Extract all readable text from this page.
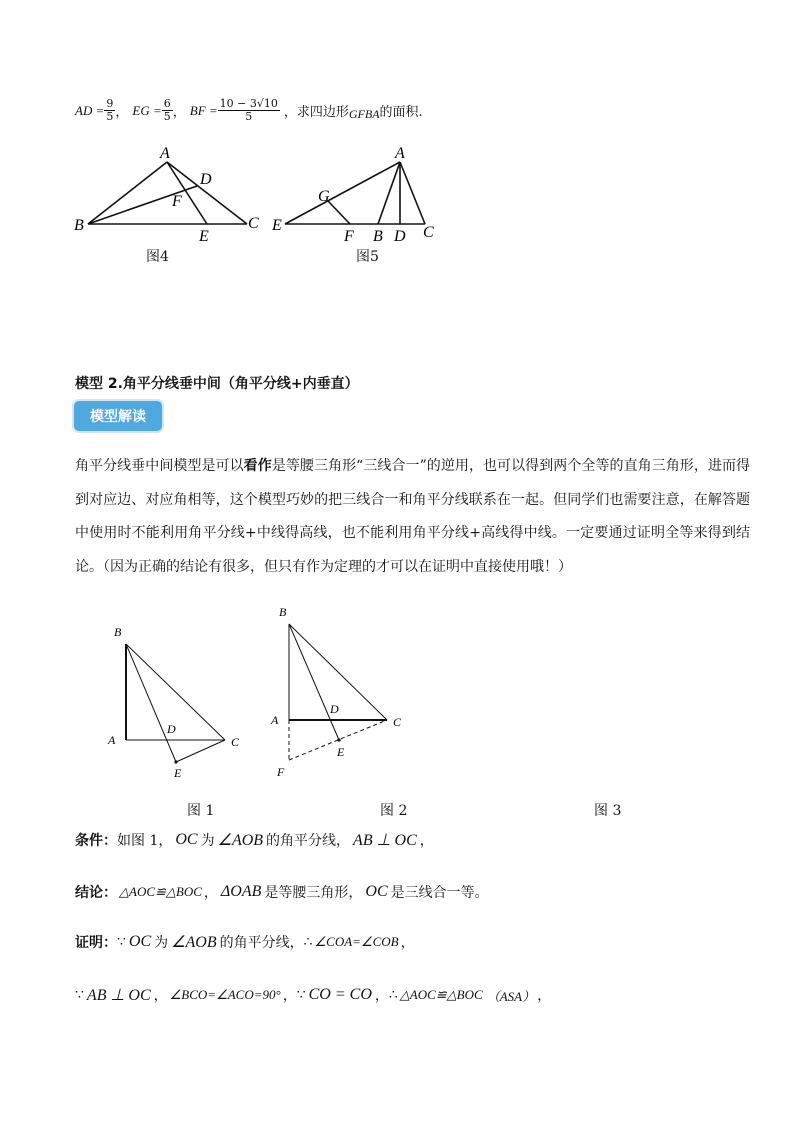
AD = $\frac{9}{5}$ ， EG = $\frac{6}{5}$ ， BF = $\frac{10 - 3√10}{5}$ ，求四边形 GFBA 的面积.
A
B	C
D
E
F
图4
A
B	C
D
E
F
G
图5
模型 2.角平分线垂中间（角平分线+内垂直）
模型解读

角平分线垂中间模型是可以看作是等腰三角形“三线合一”的逆用，也可以得到两个全等的直角三角形，进而得到对应边、对应角相等，这个模型巧妙的把三线合一和角平分线联系在一起。但同学们也需要注意，在解答题中使用时不能利用角平分线+中线得高线，也不能利用角平分线+高线得中线。一定要通过证明全等来得到结论。（因为正确的结论有很多，但只有作为定理的才可以在证明中直接使用哦！）

B
A	C
D
E
图 1
B
A	C
D
E
F
图 2	图 3
条件： 如图 1， OC 为 ∠AOB 的角平分线， AB ⊥ OC ，
结论： △AOC≌△BOC ， ΔOAB 是等腰三角形， OC 是三线合一等。
证明： ∵ OC 为 ∠AOB 的角平分线， ∴ ∠COA=∠COB ，
∵ AB ⊥ OC ， ∠BCO=∠ACO=90° ， ∵ CO = CO ， ∴ △AOC≌△BOC （ASA） ，
